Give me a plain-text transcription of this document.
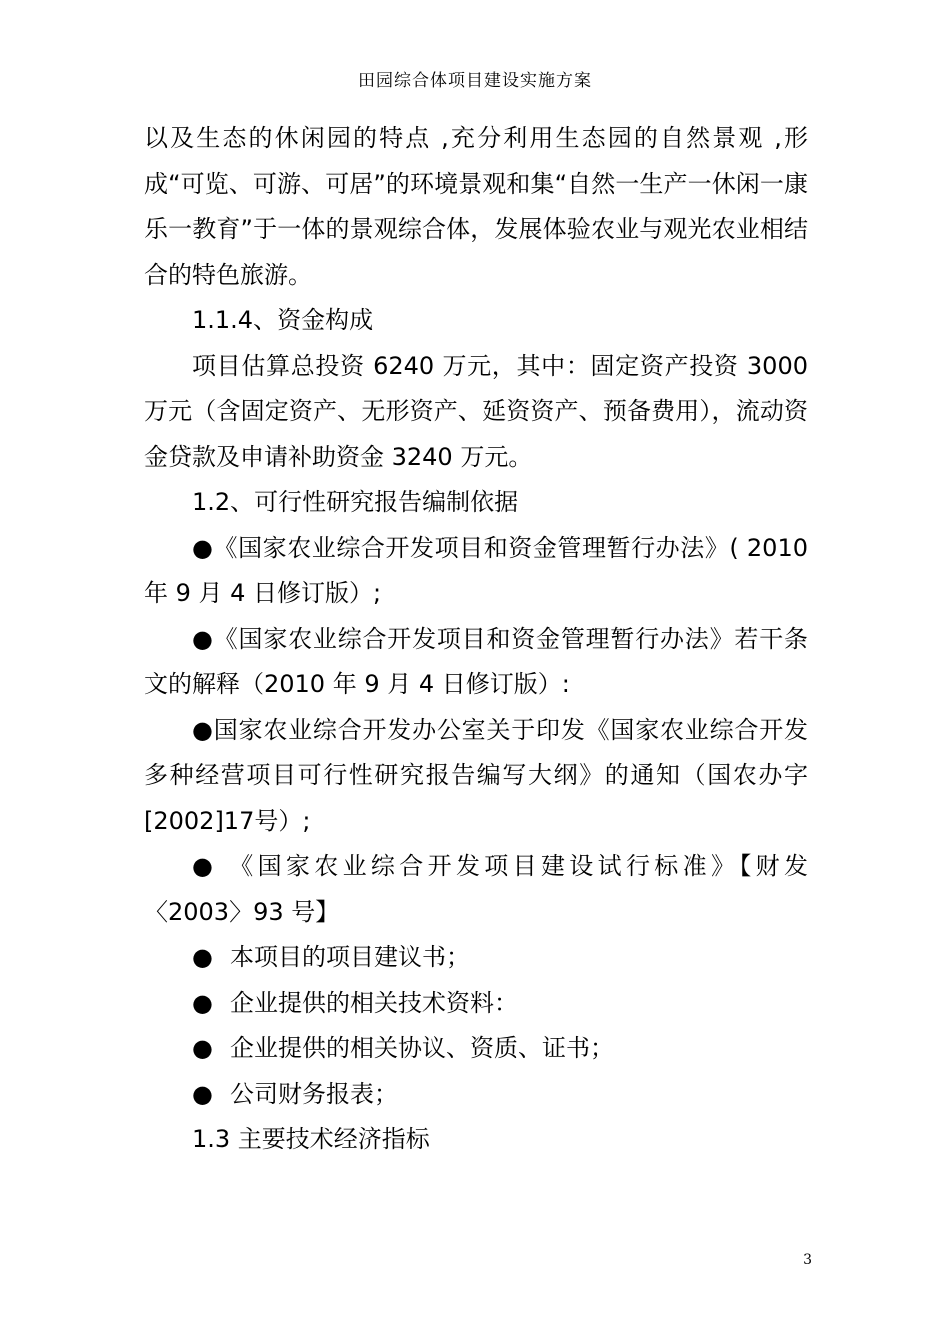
田园综合体项目建设实施方案

以及生态的休闲园的特点 ,充分利用生态园的自然景观 ,形成“可览、可游、可居”的环境景观和集“自然一生产一休闲一康乐一教育”于一体的景观综合体，发展体验农业与观光农业相结合的特色旅游。

1.1.4、资金构成

项目估算总投资 6240 万元，其中：固定资产投资 3000 万元（含固定资产、无形资产、延资资产、预备费用），流动资金贷款及申请补助资金 3240 万元。

1.2、可行性研究报告编制依据

●《国家农业综合开发项目和资金管理暂行办法》( 2010 年 9 月 4 日修订版）;

●《国家农业综合开发项目和资金管理暂行办法》若干条文的解释（2010 年 9 月 4 日修订版）:

●国家农业综合开发办公室关于印发《国家农业综合开发多种经营项目可行性研究报告编写大纲》的通知（国农办字[2002]17号）;

● 《国家农业综合开发项目建设试行标准》【财发〈2003〉93 号】

● 本项目的项目建议书；
● 企业提供的相关技术资料：
● 企业提供的相关协议、资质、证书；
● 公司财务报表；

1.3 主要技术经济指标

3
